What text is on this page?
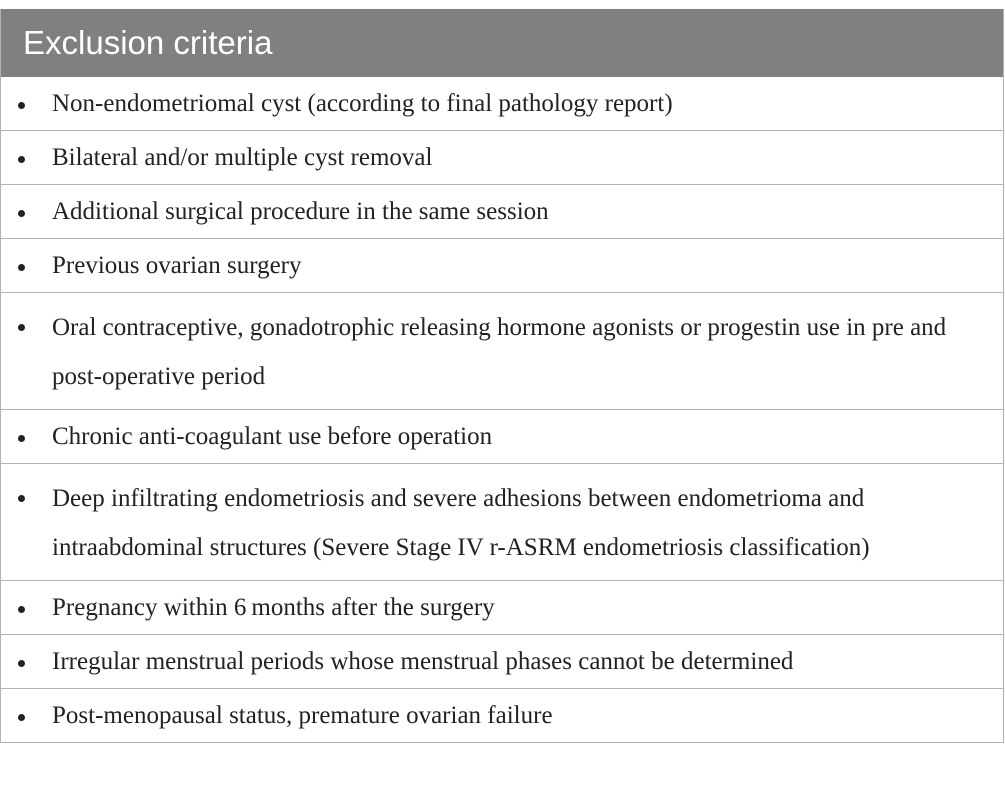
Exclusion criteria
Non-endometriomal cyst (according to final pathology report)
Bilateral and/or multiple cyst removal
Additional surgical procedure in the same session
Previous ovarian surgery
Oral contraceptive, gonadotrophic releasing hormone agonists or progestin use in pre and post-operative period
Chronic anti-coagulant use before operation
Deep infiltrating endometriosis and severe adhesions between endometrioma and intraabdominal structures (Severe Stage IV r-ASRM endometriosis classification)
Pregnancy within 6 months after the surgery
Irregular menstrual periods whose menstrual phases cannot be determined
Post-menopausal status, premature ovarian failure
